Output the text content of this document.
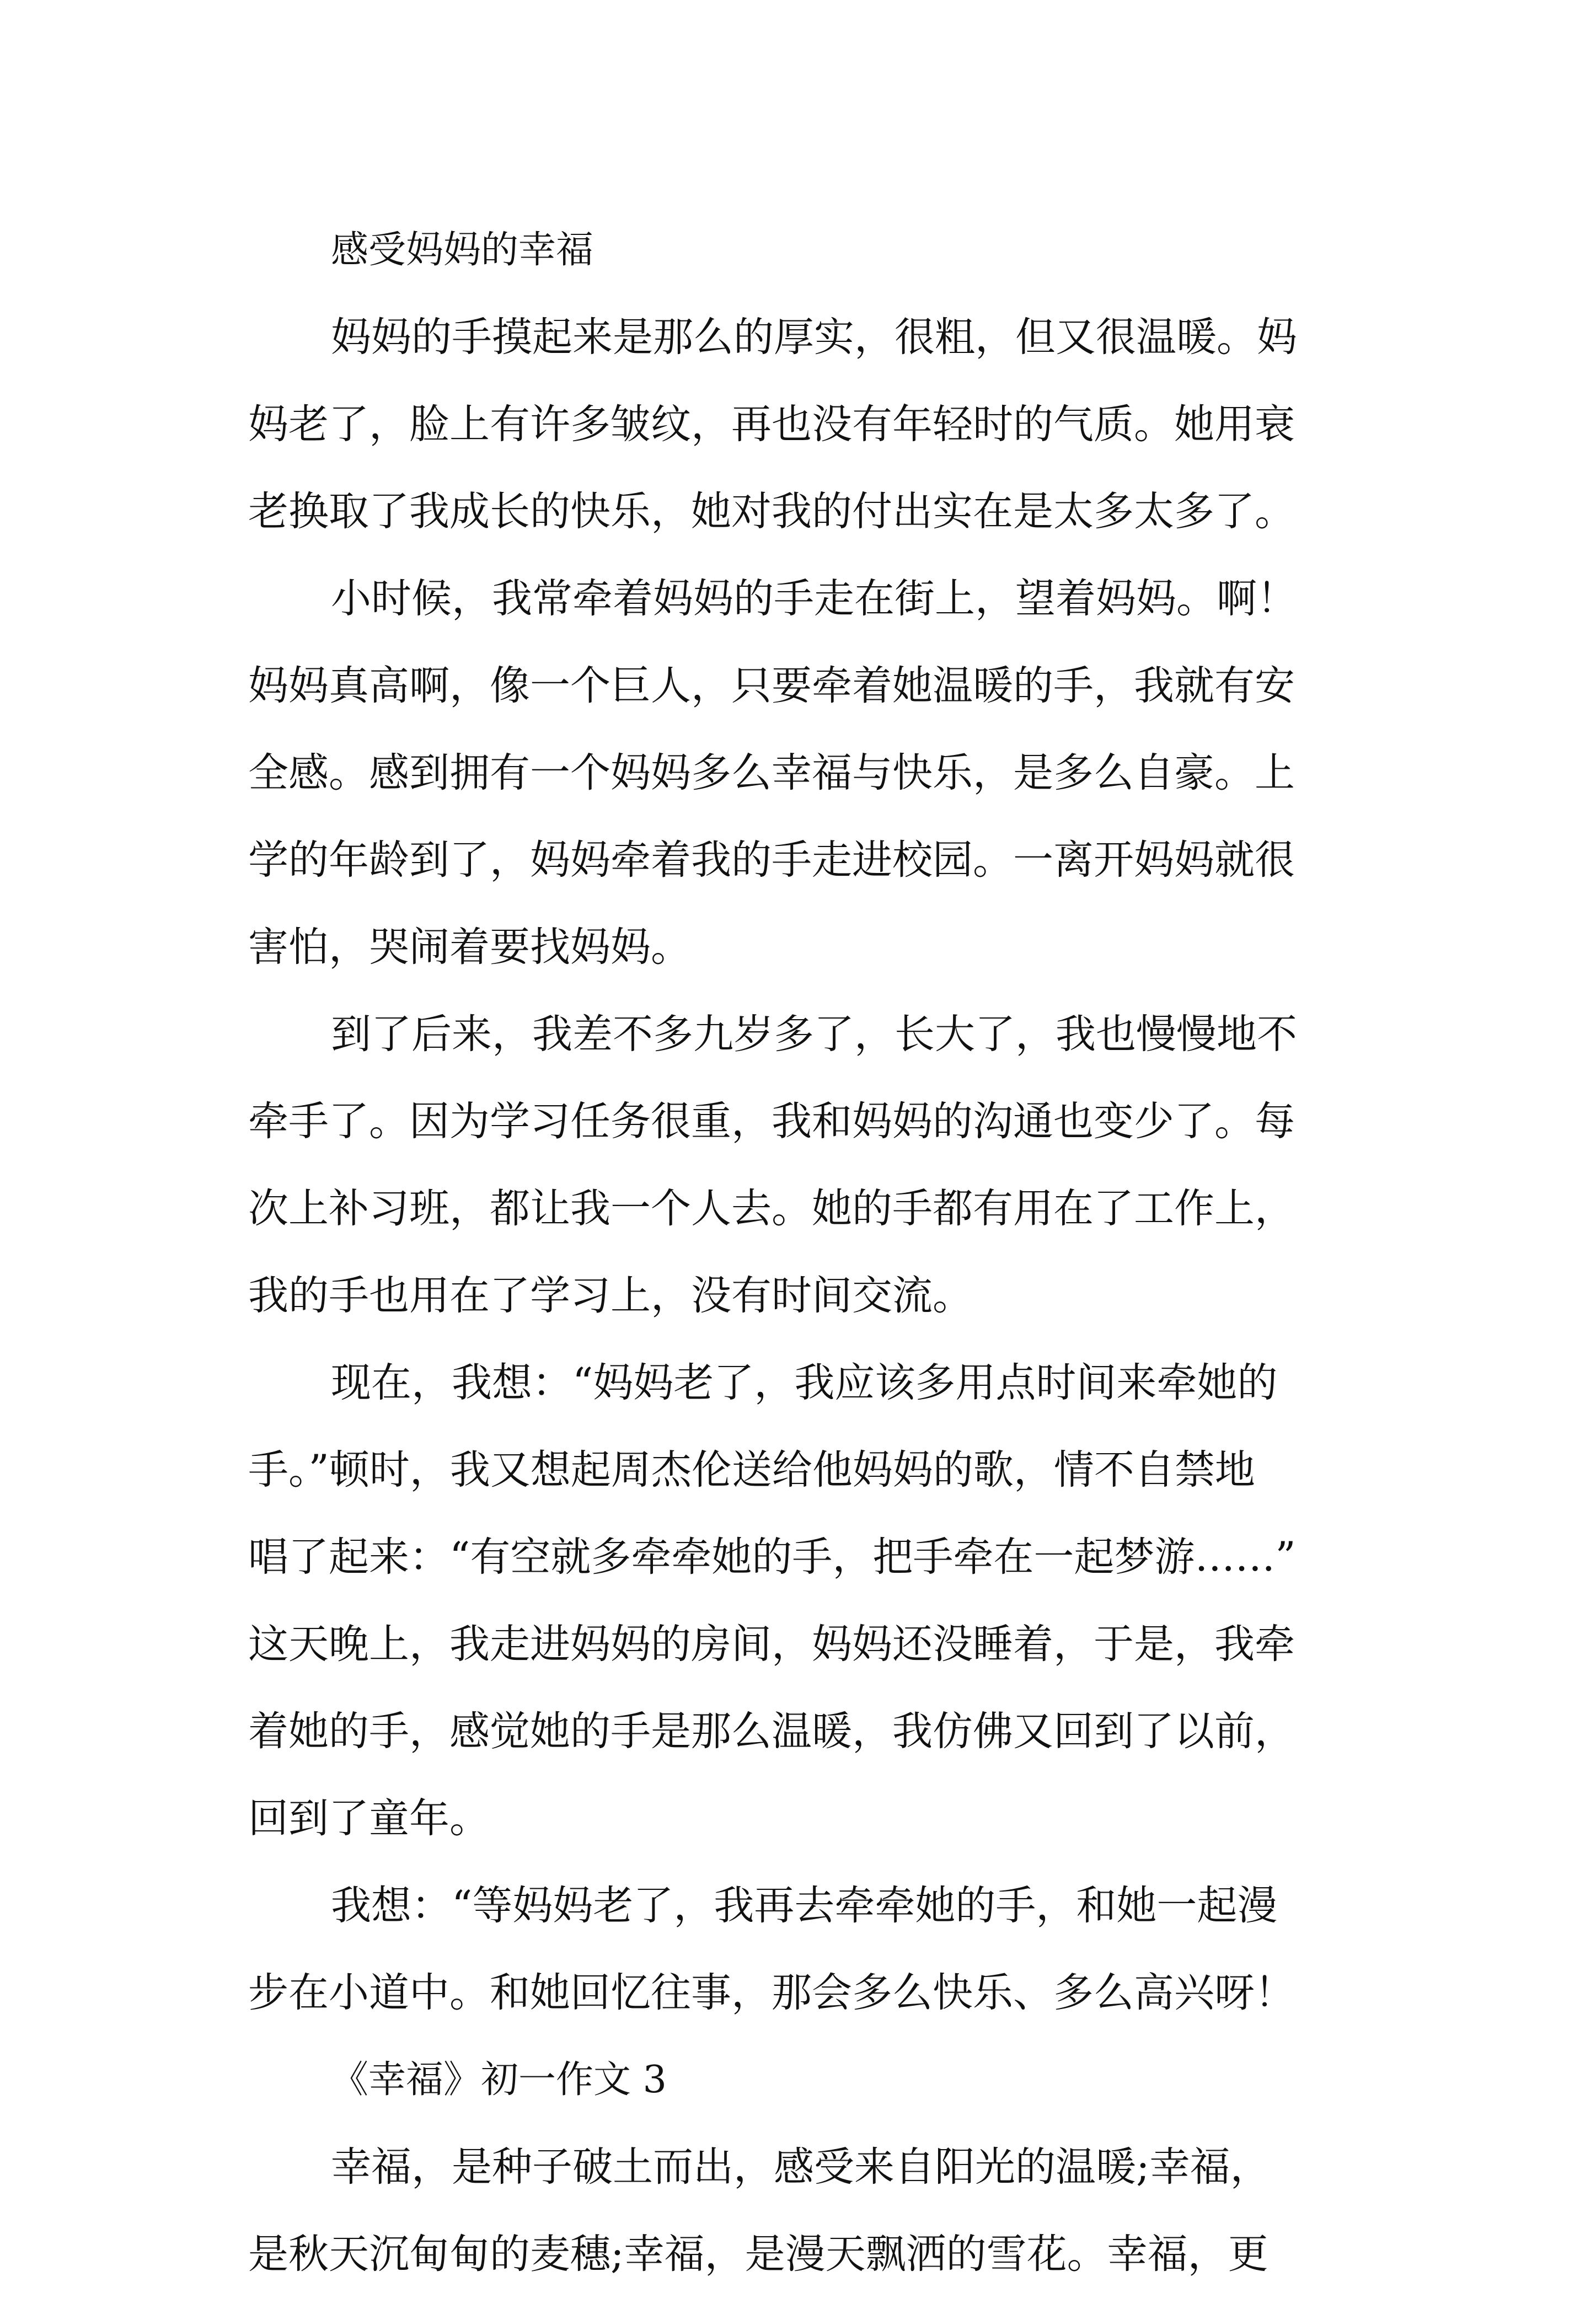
感受妈妈的幸福
妈妈的手摸起来是那么的厚实，很粗，但又很温暖。妈
妈老了，脸上有许多皱纹，再也没有年轻时的气质。她用衰
老换取了我成长的快乐，她对我的付出实在是太多太多了。
小时候，我常牵着妈妈的手走在街上，望着妈妈。啊！
妈妈真高啊，像一个巨人，只要牵着她温暖的手，我就有安
全感。感到拥有一个妈妈多么幸福与快乐，是多么自豪。上
学的年龄到了，妈妈牵着我的手走进校园。一离开妈妈就很
害怕，哭闹着要找妈妈。
到了后来，我差不多九岁多了，长大了，我也慢慢地不
牵手了。因为学习任务很重，我和妈妈的沟通也变少了。每
次上补习班，都让我一个人去。她的手都有用在了工作上，
我的手也用在了学习上，没有时间交流。
现在，我想：“妈妈老了，我应该多用点时间来牵她的
手。”顿时，我又想起周杰伦送给他妈妈的歌，情不自禁地
唱了起来：“有空就多牵牵她的手，把手牵在一起梦游……”
这天晚上，我走进妈妈的房间，妈妈还没睡着，于是，我牵
着她的手，感觉她的手是那么温暖，我仿佛又回到了以前，
回到了童年。
我想：“等妈妈老了，我再去牵牵她的手，和她一起漫
步在小道中。和她回忆往事，那会多么快乐、多么高兴呀！
《幸福》初一作文 3
幸福，是种子破土而出，感受来自阳光的温暖;幸福，
是秋天沉甸甸的麦穗;幸福，是漫天飘洒的雪花。幸福，更
